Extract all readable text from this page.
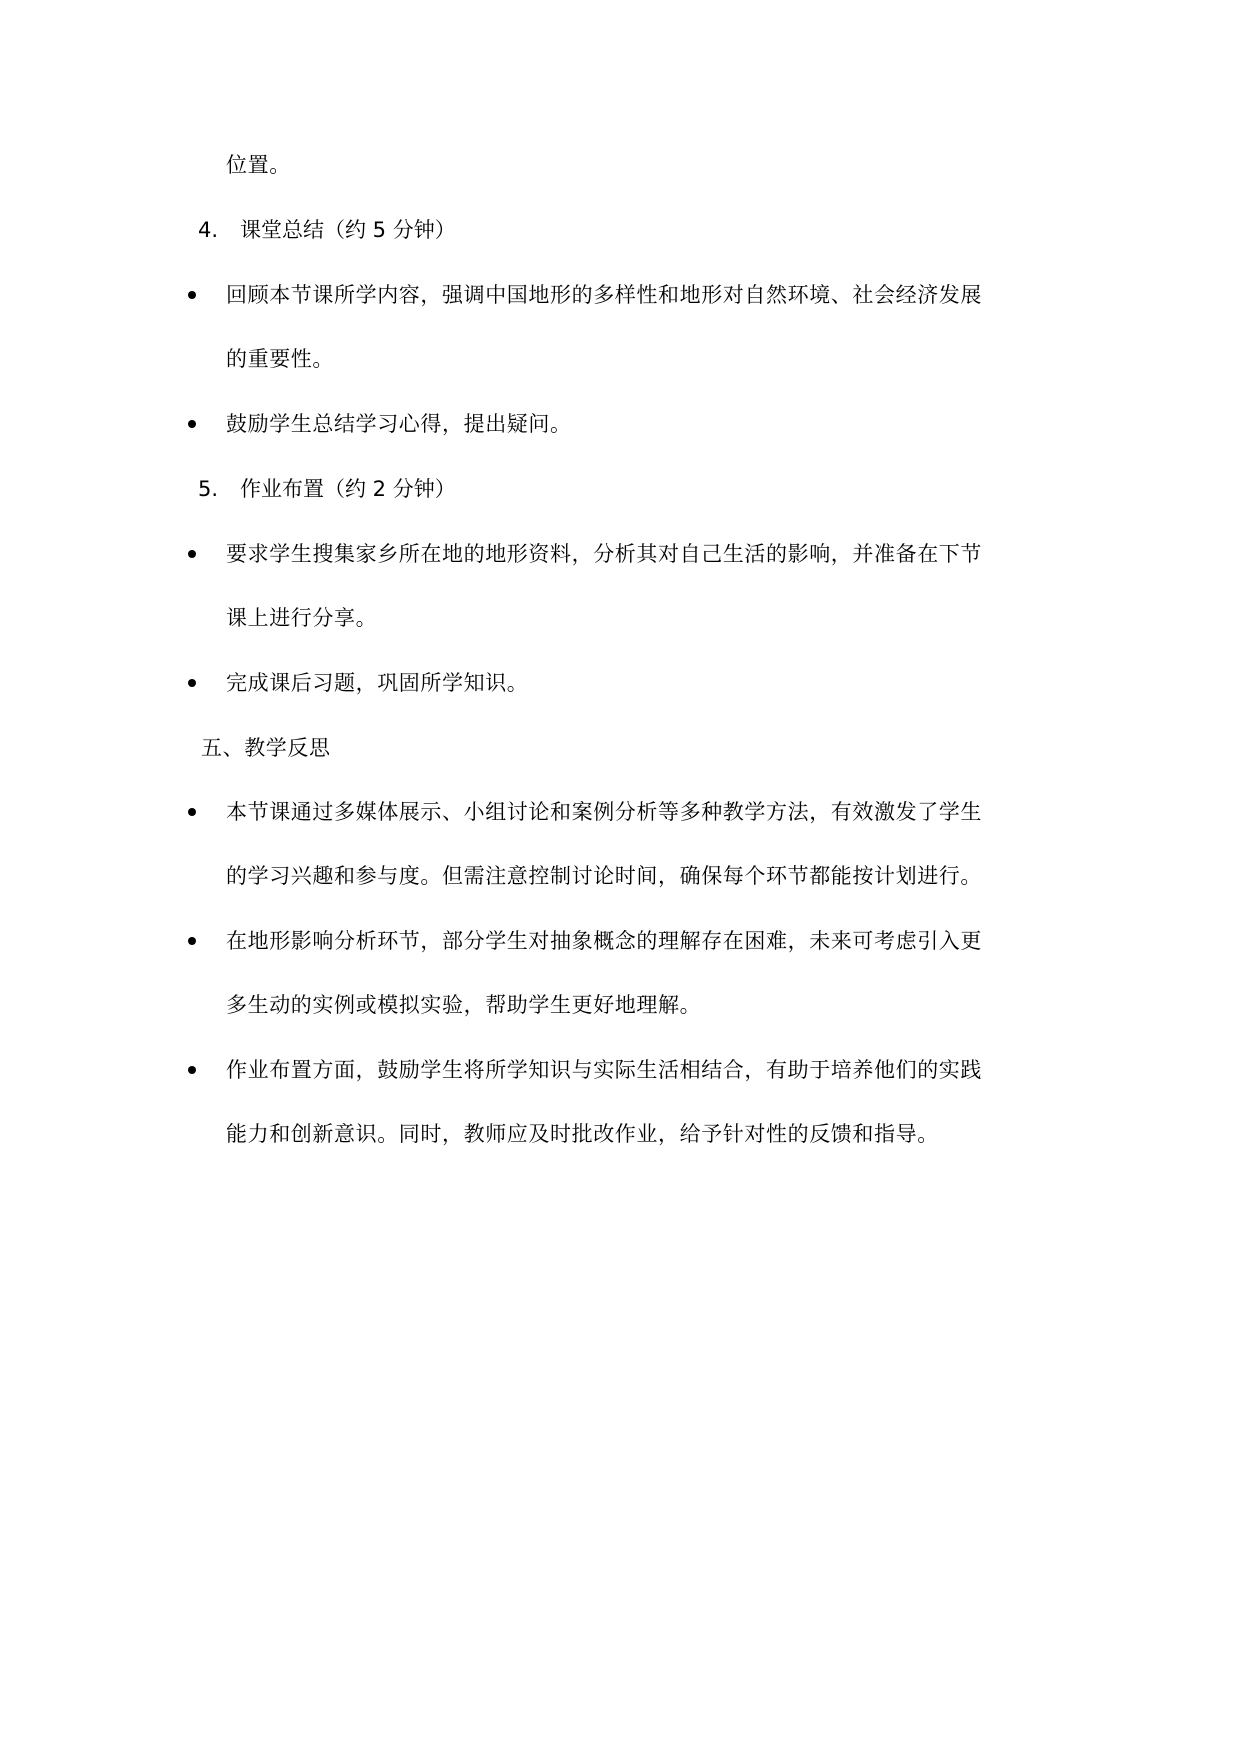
位置。
4. 课堂总结（约 5 分钟）
回顾本节课所学内容，强调中国地形的多样性和地形对自然环境、社会经济发展
的重要性。
鼓励学生总结学习心得，提出疑问。
5. 作业布置（约 2 分钟）
要求学生搜集家乡所在地的地形资料，分析其对自己生活的影响，并准备在下节
课上进行分享。
完成课后习题，巩固所学知识。
五、教学反思
本节课通过多媒体展示、小组讨论和案例分析等多种教学方法，有效激发了学生
的学习兴趣和参与度。但需注意控制讨论时间，确保每个环节都能按计划进行。
在地形影响分析环节，部分学生对抽象概念的理解存在困难，未来可考虑引入更
多生动的实例或模拟实验，帮助学生更好地理解。
作业布置方面，鼓励学生将所学知识与实际生活相结合，有助于培养他们的实践
能力和创新意识。同时，教师应及时批改作业，给予针对性的反馈和指导。
